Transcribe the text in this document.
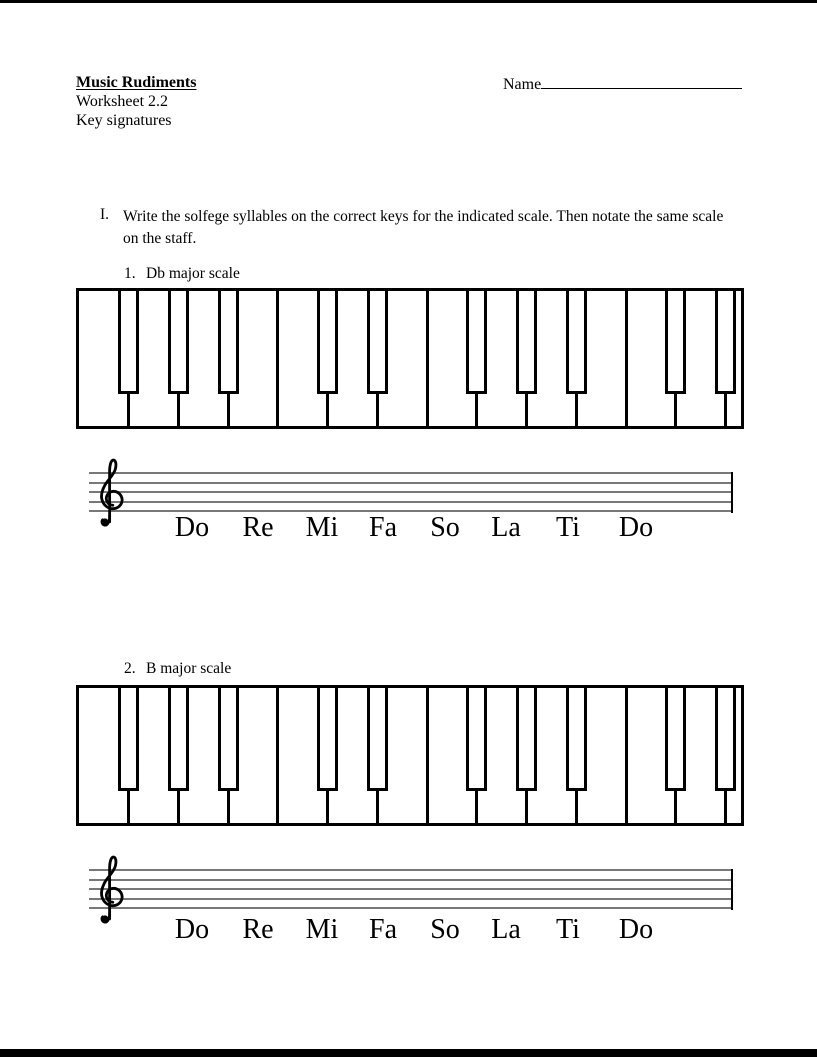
Music Rudiments
Worksheet 2.2
Key signatures
Name
I. Write the solfege syllables on the correct keys for the indicated scale. Then notate the same scale
on the staff.
1. Db major scale
Do Re Mi Fa So La Ti Do
2. B major scale
Do Re Mi Fa So La Ti Do
